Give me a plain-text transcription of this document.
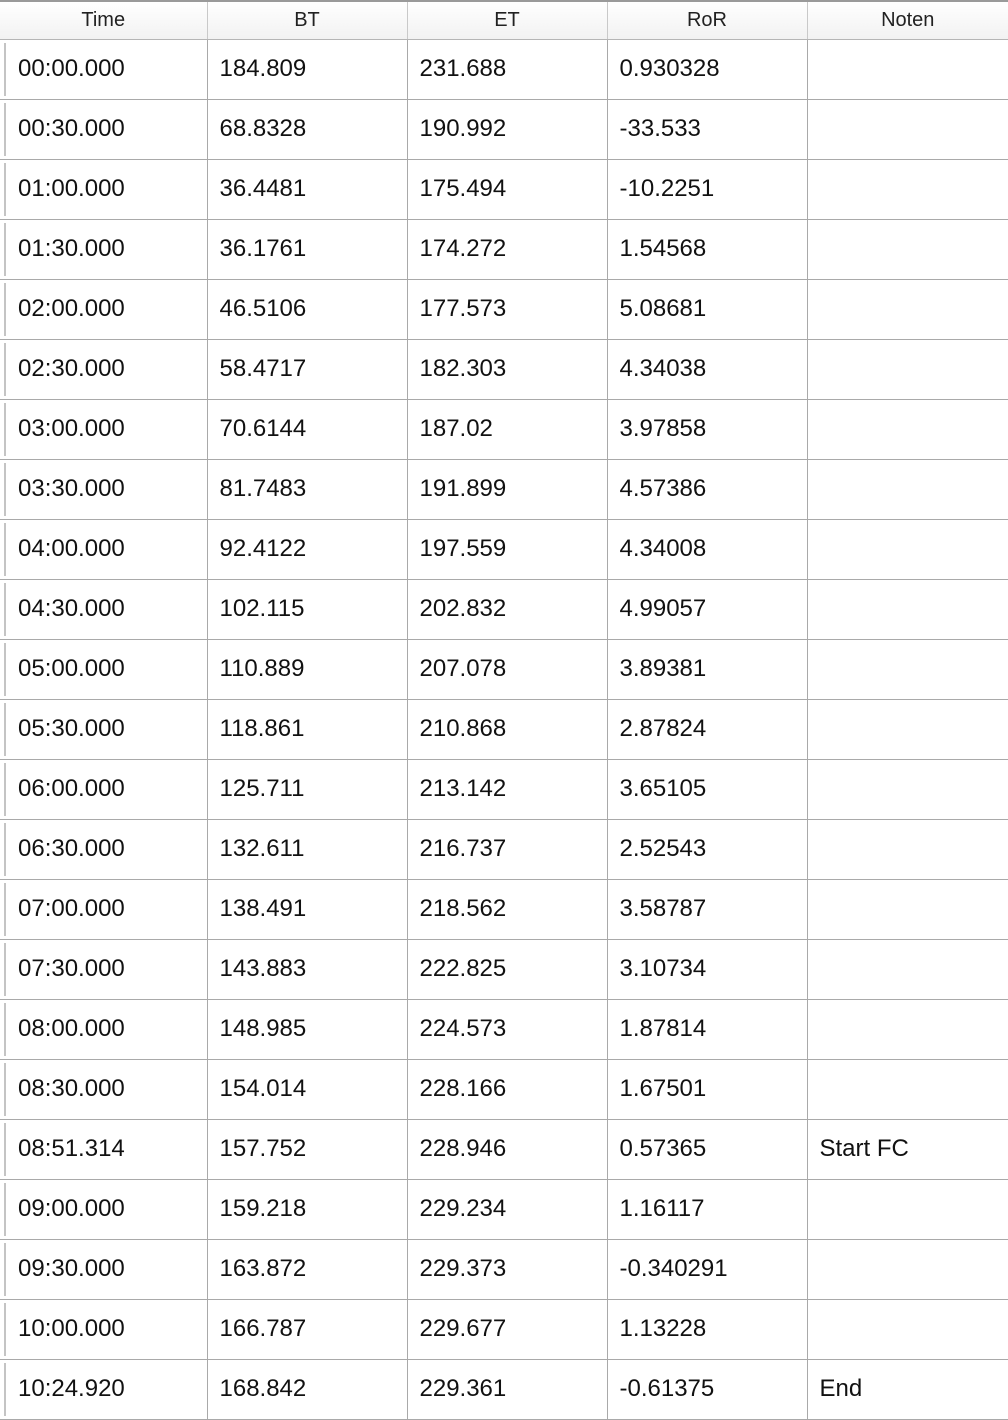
Time	BT	ET	RoR	Noten
00:00.000	184.809	231.688	0.930328	
00:30.000	68.8328	190.992	-33.533	
01:00.000	36.4481	175.494	-10.2251	
01:30.000	36.1761	174.272	1.54568	
02:00.000	46.5106	177.573	5.08681	
02:30.000	58.4717	182.303	4.34038	
03:00.000	70.6144	187.02	3.97858	
03:30.000	81.7483	191.899	4.57386	
04:00.000	92.4122	197.559	4.34008	
04:30.000	102.115	202.832	4.99057	
05:00.000	110.889	207.078	3.89381	
05:30.000	118.861	210.868	2.87824	
06:00.000	125.711	213.142	3.65105	
06:30.000	132.611	216.737	2.52543	
07:00.000	138.491	218.562	3.58787	
07:30.000	143.883	222.825	3.10734	
08:00.000	148.985	224.573	1.87814	
08:30.000	154.014	228.166	1.67501	
08:51.314	157.752	228.946	0.57365	Start FC
09:00.000	159.218	229.234	1.16117	
09:30.000	163.872	229.373	-0.340291	
10:00.000	166.787	229.677	1.13228	
10:24.920	168.842	229.361	-0.61375	End
